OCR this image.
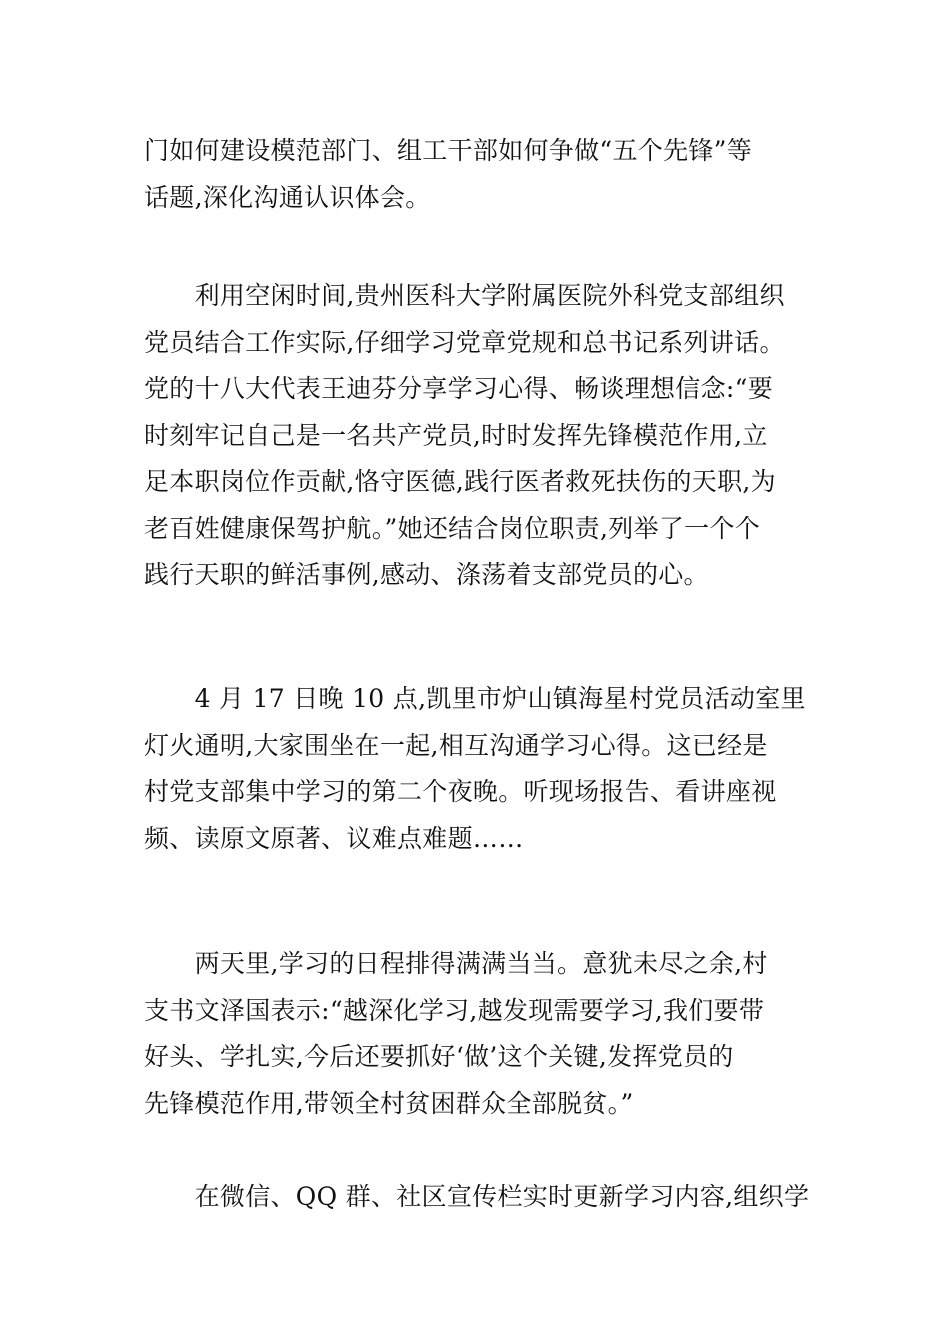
门如何建设模范部门、组工干部如何争做“五个先锋”等
话题,深化沟通认识体会。

　　利用空闲时间,贵州医科大学附属医院外科党支部组织
党员结合工作实际,仔细学习党章党规和总书记系列讲话。
党的十八大代表王迪芬分享学习心得、畅谈理想信念:“要
时刻牢记自己是一名共产党员,时时发挥先锋模范作用,立
足本职岗位作贡献,恪守医德,践行医者救死扶伤的天职,为
老百姓健康保驾护航。”她还结合岗位职责,列举了一个个
践行天职的鲜活事例,感动、涤荡着支部党员的心。

　　4 月 17 日晚 10 点,凯里市炉山镇海星村党员活动室里
灯火通明,大家围坐在一起,相互沟通学习心得。这已经是
村党支部集中学习的第二个夜晚。听现场报告、看讲座视
频、读原文原著、议难点难题……

　　两天里,学习的日程排得满满当当。意犹未尽之余,村
支书文泽国表示:“越深化学习,越发现需要学习,我们要带
好头、学扎实,今后还要抓好‘做’这个关键,发挥党员的
先锋模范作用,带领全村贫困群众全部脱贫。”

　　在微信、QQ 群、社区宣传栏实时更新学习内容,组织学
